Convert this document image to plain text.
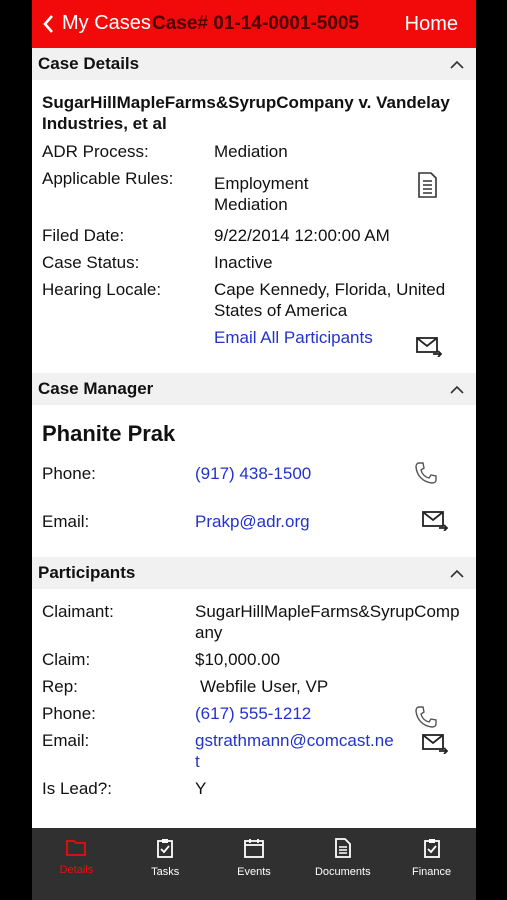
My Cases Case# 01-14-0001-5005 Home
Case Details
SugarHillMapleFarms&SyrupCompany v. Vandelay Industries, et al
ADR Process:	Mediation
Applicable Rules:	Employment Mediation
Filed Date:	9/22/2014 12:00:00 AM
Case Status:	Inactive
Hearing Locale:	Cape Kennedy, Florida, United States of America
Email All Participants
Case Manager
Phanite Prak
Phone:	(917) 438-1500
Email:	Prakp@adr.org
Participants
Claimant:	SugarHillMapleFarms&SyrupCompany
Claim:	$10,000.00
Rep:	Webfile User, VP
Phone:	(617) 555-1212
Email:	gstrathmann@comcast.net
Is Lead?:	Y
Details	Tasks	Events	Documents	Finance
